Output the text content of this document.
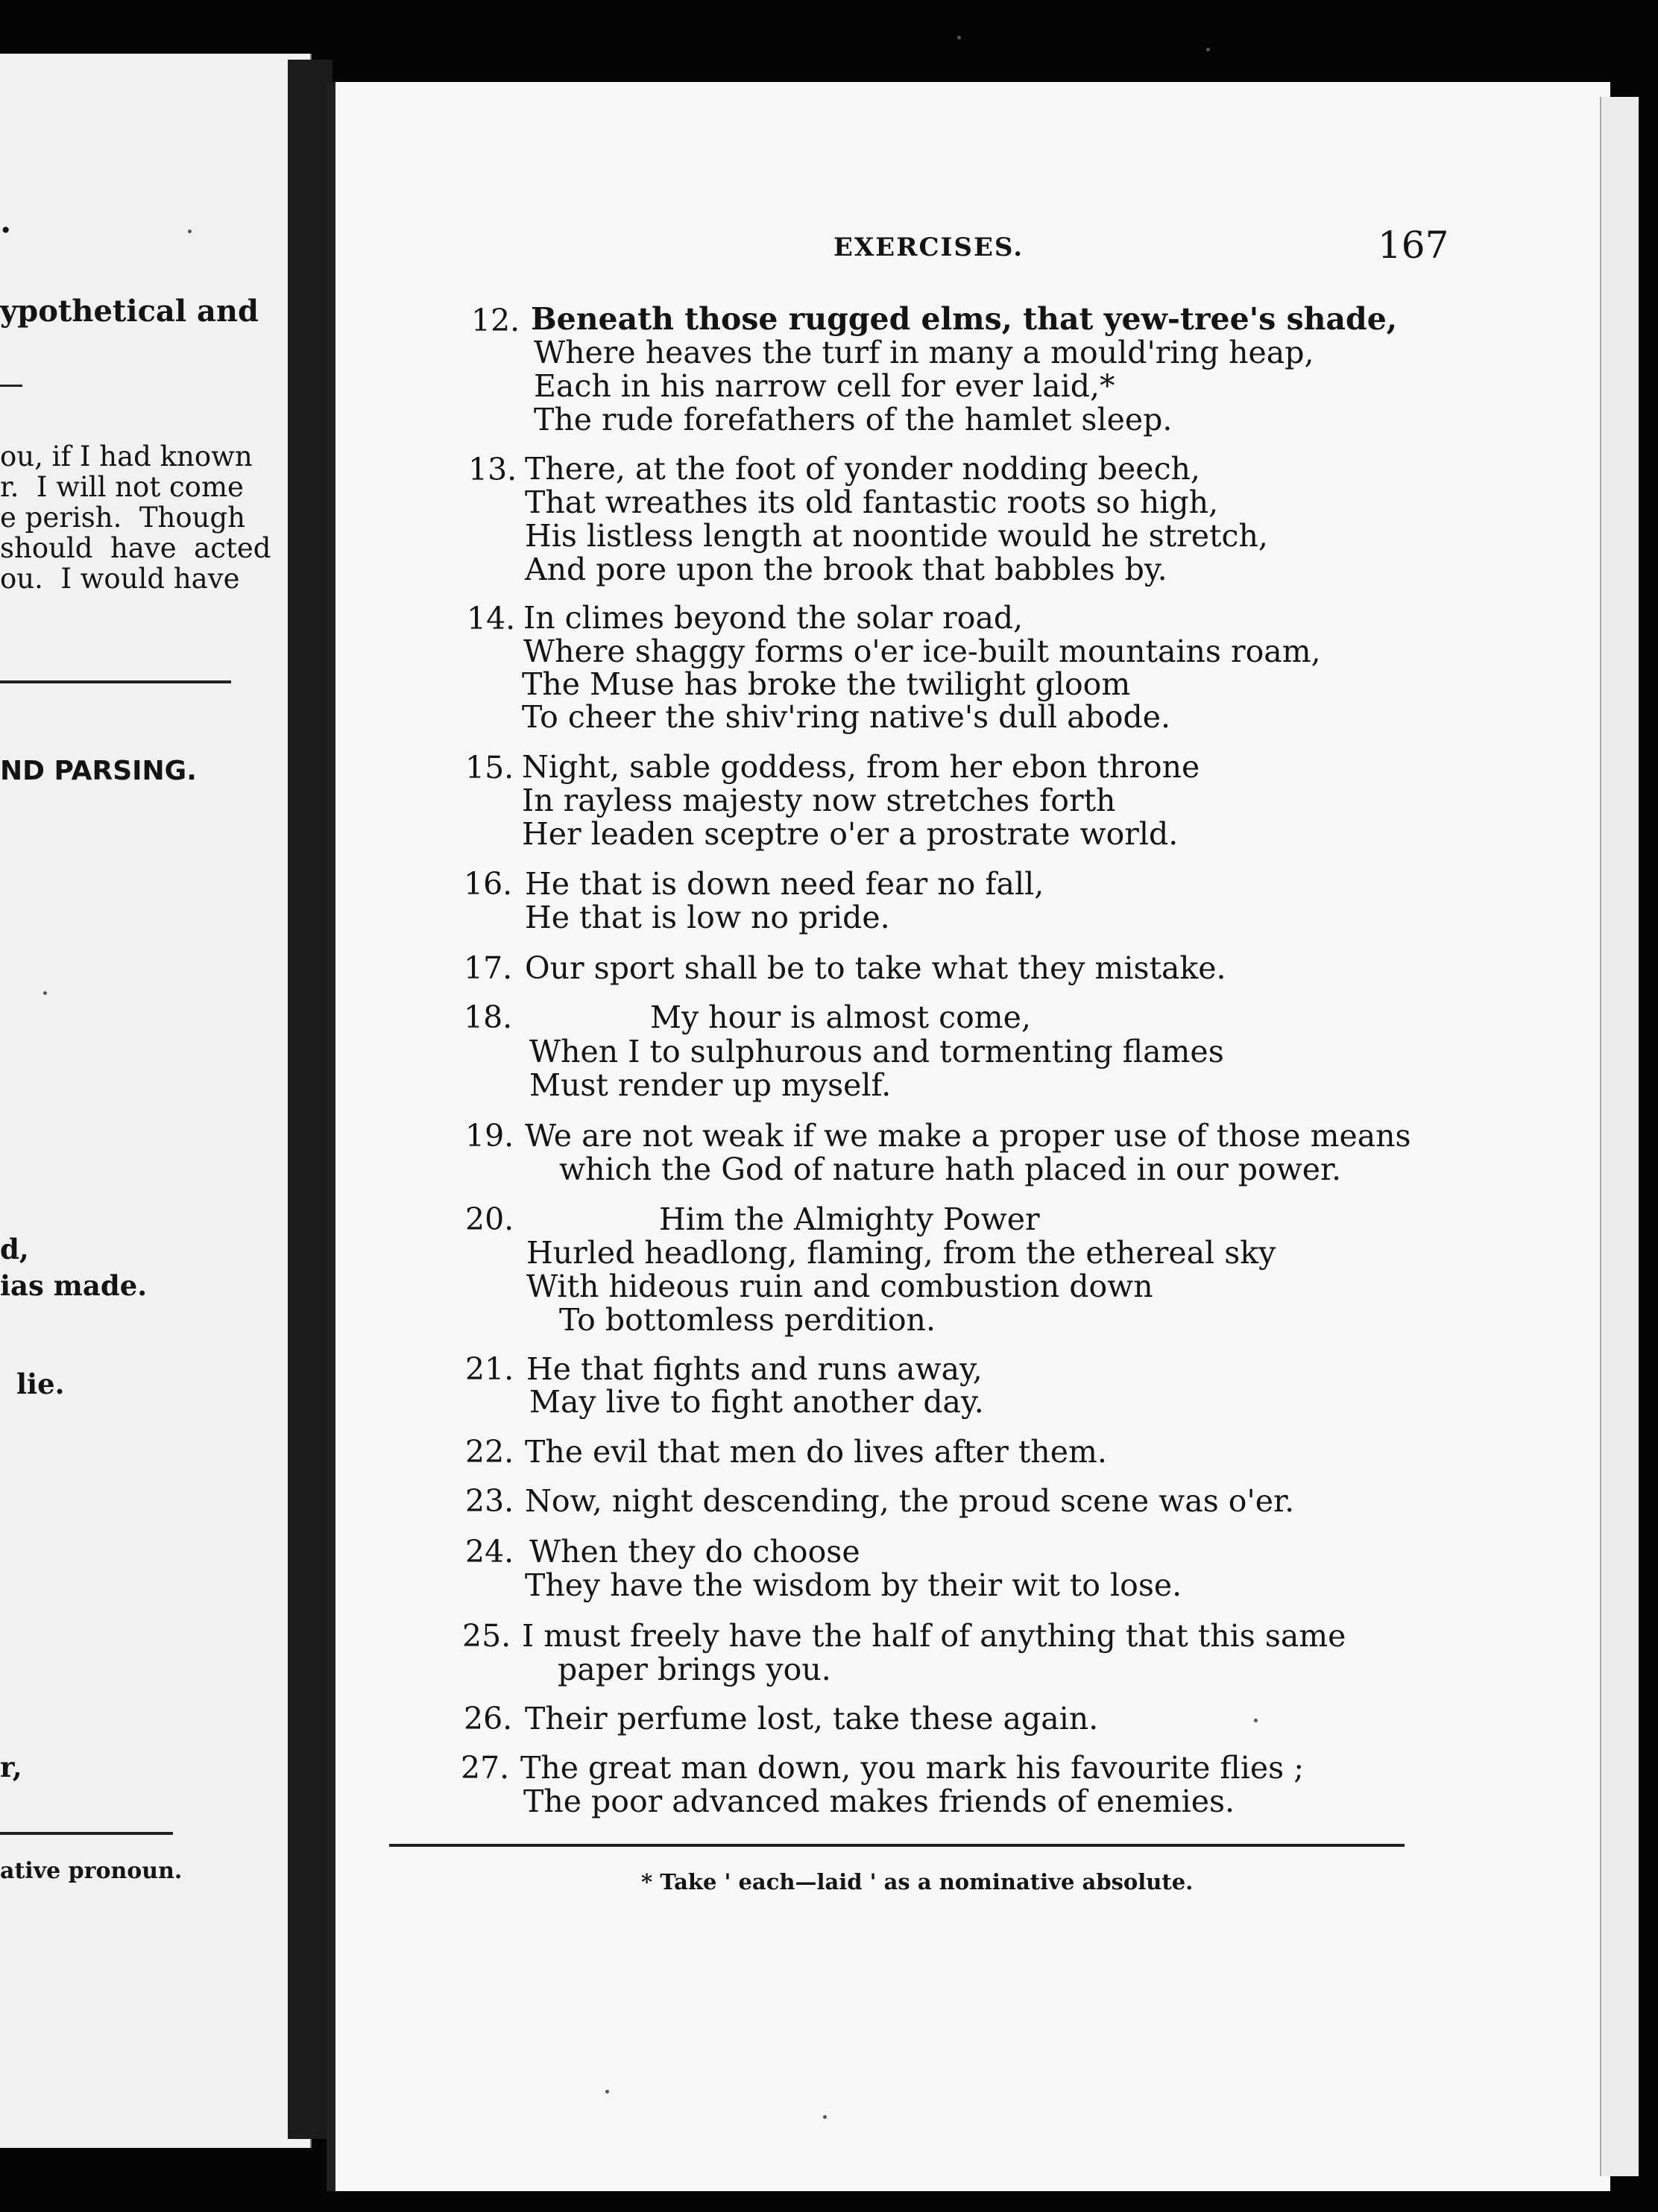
.
ypothetical and
ou, if I had known
r.  I will not come
e perish.  Though
should  have  acted
ou.  I would have
ND PARSING.
d,
ias made.
lie.
r,
ative pronoun.
EXERCISES.	167
12. Beneath those rugged elms, that yew-tree's shade,
Where heaves the turf in many a mould'ring heap,
Each in his narrow cell for ever laid,*
The rude forefathers of the hamlet sleep.
13. There, at the foot of yonder nodding beech,
That wreathes its old fantastic roots so high,
His listless length at noontide would he stretch,
And pore upon the brook that babbles by.
14. In climes beyond the solar road,
Where shaggy forms o'er ice-built mountains roam,
The Muse has broke the twilight gloom
To cheer the shiv'ring native's dull abode.
15. Night, sable goddess, from her ebon throne
In rayless majesty now stretches forth
Her leaden sceptre o'er a prostrate world.
16. He that is down need fear no fall,
He that is low no pride.
17. Our sport shall be to take what they mistake.
18.	My hour is almost come,
When I to sulphurous and tormenting flames
Must render up myself.
19. We are not weak if we make a proper use of those means
which the God of nature hath placed in our power.
20.	Him the Almighty Power
Hurled headlong, flaming, from the ethereal sky
With hideous ruin and combustion down
To bottomless perdition.
21. He that fights and runs away,
May live to fight another day.
22. The evil that men do lives after them.
23. Now, night descending, the proud scene was o'er.
24. When they do choose
They have the wisdom by their wit to lose.
25. I must freely have the half of anything that this same
paper brings you.
26. Their perfume lost, take these again.
27. The great man down, you mark his favourite flies ;
The poor advanced makes friends of enemies.
* Take ' each—laid ' as a nominative absolute.
